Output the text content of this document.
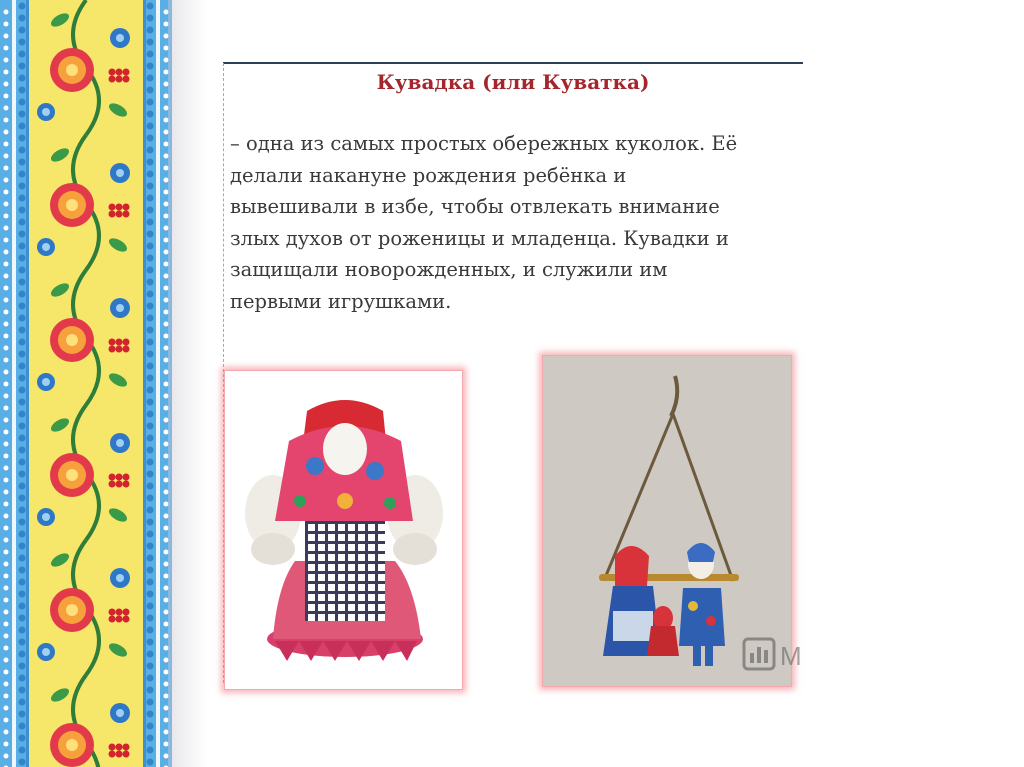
Кувадка (или Куватка)
– одна из самых простых обережных куколок. Её
делали накануне рождения ребёнка и
вывешивали в избе, чтобы отвлекать внимание
злых духов от роженицы и младенца. Кувадки и
защищали новорожденных, и служили им
первыми игрушками.
M
